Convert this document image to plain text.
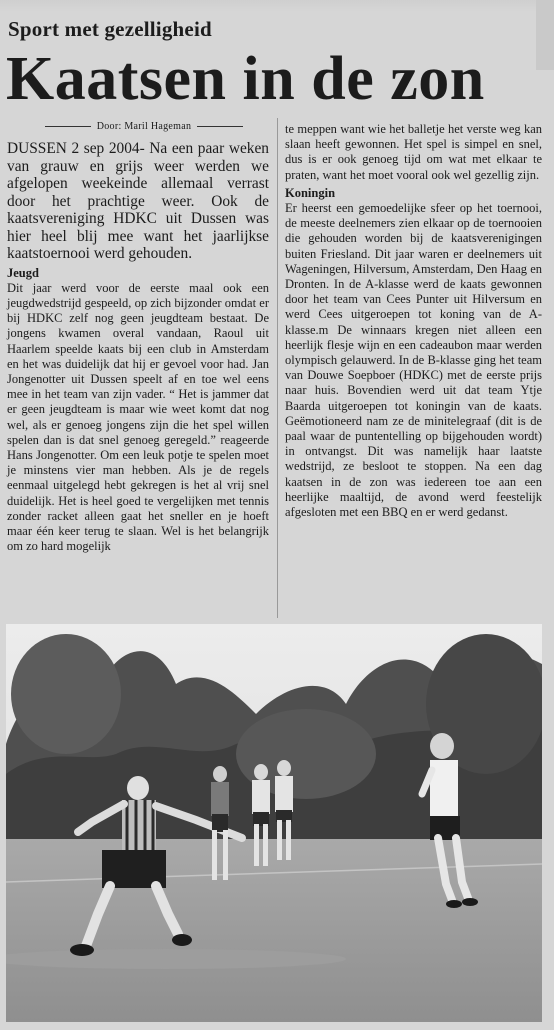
Sport met gezelligheid
Kaatsen in de zon
Door: Maril Hageman

DUSSEN 2 sep 2004- Na een paar weken van grauw en grijs weer werden we afgelopen weekeinde allemaal verrast door het prachtige weer. Ook de kaatsvereniging HDKC uit Dussen was hier heel blij mee want het jaarlijkse kaatstoernooi werd gehouden.

Jeugd

Dit jaar werd voor de eerste maal ook een jeugdwedstrijd gespeeld, op zich bijzonder omdat er bij HDKC zelf nog geen jeugdteam bestaat. De jongens kwamen overal vandaan, Raoul uit Haarlem speelde kaats bij een club in Amsterdam en het was duidelijk dat hij er gevoel voor had. Jan Jongenotter uit Dussen speelt af en toe wel eens mee in het team van zijn vader. “ Het is jammer dat er geen jeugdteam is maar wie weet komt dat nog wel, als er genoeg jongens zijn die het spel willen spelen dan is dat snel genoeg geregeld.” reageerde Hans Jongenotter. Om een leuk potje te spelen moet je minstens vier man hebben. Als je de regels eenmaal uitgelegd hebt gekregen is het al vrij snel duidelijk. Het is heel goed te vergelijken met tennis zonder racket alleen gaat het sneller en je hoeft maar één keer terug te slaan. Wel is het belangrijk om zo hard mogelijk

te meppen want wie het balletje het verste weg kan slaan heeft gewonnen. Het spel is simpel en snel, dus is er ook genoeg tijd om wat met elkaar te praten, want het moet vooral ook wel gezellig zijn.

Koningin

Er heerst een gemoedelijke sfeer op het toernooi, de meeste deelnemers zien elkaar op de toernooien die gehouden worden bij de kaatsverenigingen buiten Friesland. Dit jaar waren er deelnemers uit Wageningen, Hilversum, Amsterdam, Den Haag en Dronten. In de A-klasse werd de kaats gewonnen door het team van Cees Punter uit Hilversum en werd Cees uitgeroepen tot koning van de A-klasse.m De winnaars kregen niet alleen een heerlijk flesje wijn en een cadeaubon maar werden olympisch gelauwerd. In de B-klasse ging het team van Douwe Soepboer (HDKC) met de eerste prijs naar huis. Bovendien werd uit dat team Ytje Baarda uitgeroepen tot koningin van de kaats. Geëmotioneerd nam ze de minitelegraaf (dit is de paal waar de puntentelling op bijgehouden wordt) in ontvangst. Dit was namelijk haar laatste wedstrijd, ze besloot te stoppen. Na een dag kaatsen in de zon was iedereen toe aan een heerlijke maaltijd, de avond werd feestelijk afgesloten met een BBQ en er werd gedanst.
